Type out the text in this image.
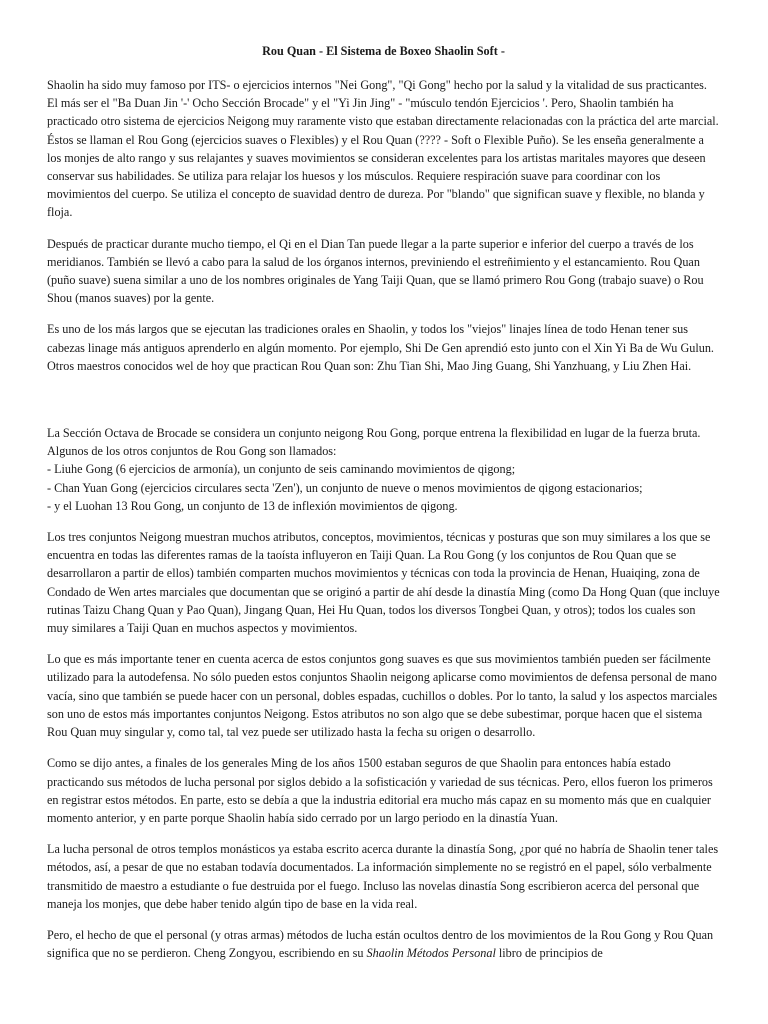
Rou Quan - El Sistema de Boxeo Shaolin Soft -

Shaolin ha sido muy famoso por ITS- o ejercicios internos "Nei Gong", "Qi Gong" hecho por la salud y la vitalidad de sus practicantes. El más ser el "Ba Duan Jin '-' Ocho Sección Brocade" y el "Yi Jin Jing" - "músculo tendón Ejercicios '. Pero, Shaolin también ha practicado otro sistema de ejercicios Neigong muy raramente visto que estaban directamente relacionadas con la práctica del arte marcial. Éstos se llaman el Rou Gong (ejercicios suaves o Flexibles) y el Rou Quan (???? - Soft o Flexible Puño). Se les enseña generalmente a los monjes de alto rango y sus relajantes y suaves movimientos se consideran excelentes para los artistas maritales mayores que deseen conservar sus habilidades. Se utiliza para relajar los huesos y los músculos. Requiere respiración suave para coordinar con los movimientos del cuerpo. Se utiliza el concepto de suavidad dentro de dureza. Por "blando" que significan suave y flexible, no blanda y floja.

Después de practicar durante mucho tiempo, el Qi en el Dian Tan puede llegar a la parte superior e inferior del cuerpo a través de los meridianos. También se llevó a cabo para la salud de los órganos internos, previniendo el estreñimiento y el estancamiento. Rou Quan (puño suave) suena similar a uno de los nombres originales de Yang Taiji Quan, que se llamó primero Rou Gong (trabajo suave) o Rou Shou (manos suaves) por la gente.

Es uno de los más largos que se ejecutan las tradiciones orales en Shaolin, y todos los "viejos" linajes línea de todo Henan tener sus cabezas linage más antiguos aprenderlo en algún momento. Por ejemplo, Shi De Gen aprendió esto junto con el Xin Yi Ba de Wu Gulun. Otros maestros conocidos wel de hoy que practican Rou Quan son: Zhu Tian Shi, Mao Jing Guang, Shi Yanzhuang, y Liu Zhen Hai.

La Sección Octava de Brocade se considera un conjunto neigong Rou Gong, porque entrena la flexibilidad en lugar de la fuerza bruta. Algunos de los otros conjuntos de Rou Gong son llamados:
- Liuhe Gong (6 ejercicios de armonía), un conjunto de seis caminando movimientos de qigong;
- Chan Yuan Gong (ejercicios circulares secta 'Zen'), un conjunto de nueve o menos movimientos de qigong estacionarios;
- y el Luohan 13 Rou Gong, un conjunto de 13 de inflexión movimientos de qigong.

Los tres conjuntos Neigong muestran muchos atributos, conceptos, movimientos, técnicas y posturas que son muy similares a los que se encuentra en todas las diferentes ramas de la taoísta influyeron en Taiji Quan. La Rou Gong (y los conjuntos de Rou Quan que se desarrollaron a partir de ellos) también comparten muchos movimientos y técnicas con toda la provincia de Henan, Huaiqing, zona de Condado de Wen artes marciales que documentan que se originó a partir de ahí desde la dinastía Ming (como Da Hong Quan (que incluye rutinas Taizu Chang Quan y Pao Quan), Jingang Quan, Hei Hu Quan, todos los diversos Tongbei Quan, y otros); todos los cuales son muy similares a Taiji Quan en muchos aspectos y movimientos.

Lo que es más importante tener en cuenta acerca de estos conjuntos gong suaves es que sus movimientos también pueden ser fácilmente utilizado para la autodefensa. No sólo pueden estos conjuntos Shaolin neigong aplicarse como movimientos de defensa personal de mano vacía, sino que también se puede hacer con un personal, dobles espadas, cuchillos o dobles. Por lo tanto, la salud y los aspectos marciales son uno de estos más importantes conjuntos Neigong. Estos atributos no son algo que se debe subestimar, porque hacen que el sistema Rou Quan muy singular y, como tal, tal vez puede ser utilizado hasta la fecha su origen o desarrollo.

Como se dijo antes, a finales de los generales Ming de los años 1500 estaban seguros de que Shaolin para entonces había estado practicando sus métodos de lucha personal por siglos debido a la sofisticación y variedad de sus técnicas. Pero, ellos fueron los primeros en registrar estos métodos. En parte, esto se debía a que la industria editorial era mucho más capaz en su momento más que en cualquier momento anterior, y en parte porque Shaolin había sido cerrado por un largo periodo en la dinastía Yuan.

La lucha personal de otros templos monásticos ya estaba escrito acerca durante la dinastía Song, ¿por qué no habría de Shaolin tener tales métodos, así, a pesar de que no estaban todavía documentados. La información simplemente no se registró en el papel, sólo verbalmente transmitido de maestro a estudiante o fue destruida por el fuego. Incluso las novelas dinastía Song escribieron acerca del personal que maneja los monjes, que debe haber tenido algún tipo de base en la vida real.

Pero, el hecho de que el personal (y otras armas) métodos de lucha están ocultos dentro de los movimientos de la Rou Gong y Rou Quan significa que no se perdieron. Cheng Zongyou, escribiendo en su Shaolin Métodos Personal libro de principios de
